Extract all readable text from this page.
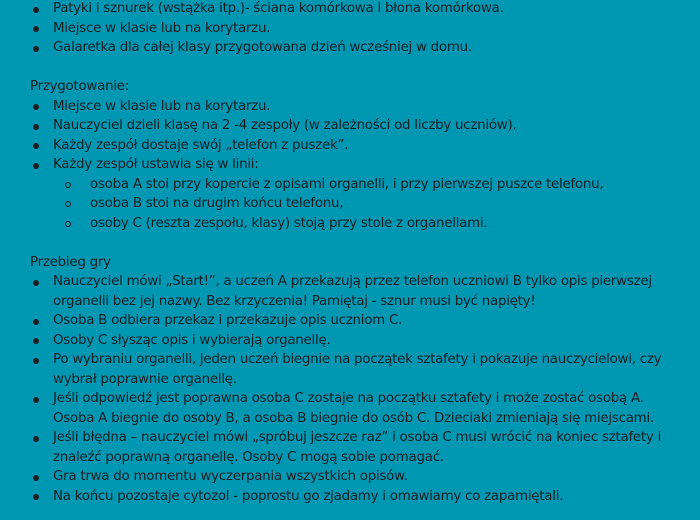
Patyki i sznurek (wstążka itp.)- ściana komórkowa i błona komórkowa.
Miejsce w klasie lub na korytarzu.
Galaretka dla całej klasy przygotowana dzień wcześniej w domu.
Przygotowanie:
Miejsce w klasie lub na korytarzu.
Nauczyciel dzieli klasę na 2 -4 zespoły (w zależności od liczby uczniów).
Każdy zespół dostaje swój „telefon z puszek”.
Każdy zespół ustawia się w linii:
osoba A stoi przy kopercie z opisami organelli, i przy pierwszej puszce telefonu,
osoba B stoi na drugim końcu telefonu,
osoby C (reszta zespołu, klasy) stoją przy stole z organellami.
Przebieg gry
Nauczyciel mówi „Start!”, a uczeń A przekazują przez telefon uczniowi B tylko opis pierwszej organelli bez jej nazwy. Bez krzyczenia! Pamiętaj - sznur musi być napięty!
Osoba B odbiera przekaz i przekazuje opis uczniom C.
Osoby C słysząc opis i wybierają organellę.
Po wybraniu organelli, jeden uczeń biegnie na początek sztafety i pokazuje nauczycielowi, czy wybrał poprawnie organellę.
Jeśli odpowiedź jest poprawna osoba C zostaje na początku sztafety i może zostać osobą A. Osoba A biegnie do osoby B, a osoba B biegnie do osób C. Dzieciaki zmieniają się miejscami.
Jeśli błędna – nauczyciel mówi „spróbuj jeszcze raz” i osoba C musi wrócić na koniec sztafety i znaleźć poprawną organellę. Osoby C mogą sobie pomagać.
Gra trwa do momentu wyczerpania wszystkich opisów.
Na końcu pozostaje cytozol - poprostu go zjadamy i omawiamy co zapamiętali.
